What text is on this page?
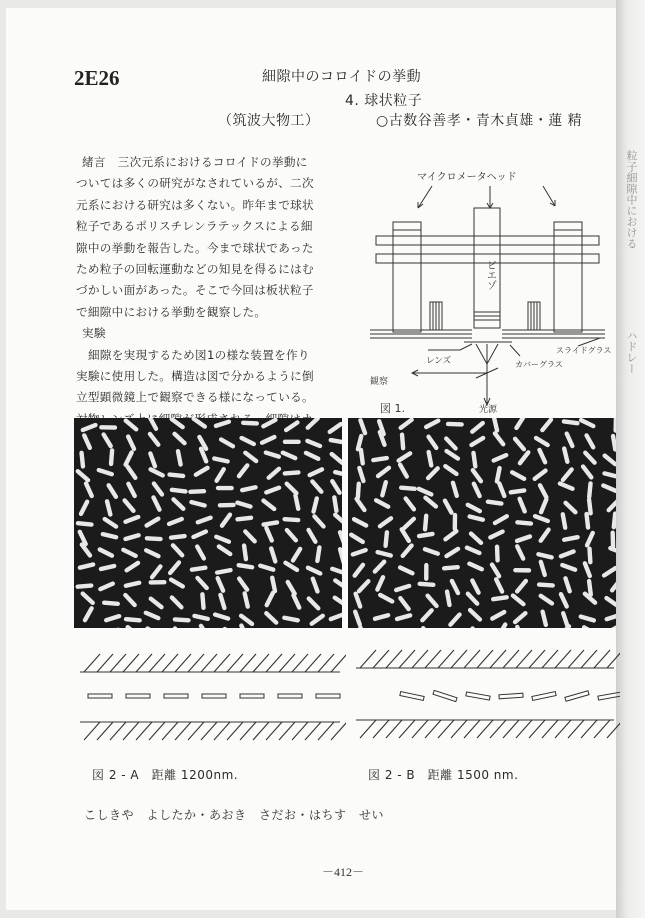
粒子細隙中における
ハドレー
2E26	細隙中のコロイドの挙動
4. 球状粒子
（筑波大物工）	○古数谷善孝・青木貞雄・蓮 精
緒言　三次元系におけるコロイドの挙動に
ついては多くの研究がなされているが、二次
元系における研究は多くない。昨年まで球状
粒子であるポリスチレンラテックスによる細
隙中の挙動を報告した。今まで球状であった
ため粒子の回転運動などの知見を得るにはむ
づかしい面があった。そこで今回は板状粒子
で細隙中における挙動を観察した。
実験
細隙を実現するため図1の様な装置を作り
実験に使用した。構造は図で分かるように倒
立型顕微鏡上で観察できる様になっている。
マイクロメータヘッド
ピエゾ
スライドグラス
カバーグラス
レンズ
観察
光源
図 1.
図 2 - A　距離 1200nm.	図 2 - B　距離 1500 nm.
こしきや　よしたか・あおき　さだお・はちす　せい
－412－
